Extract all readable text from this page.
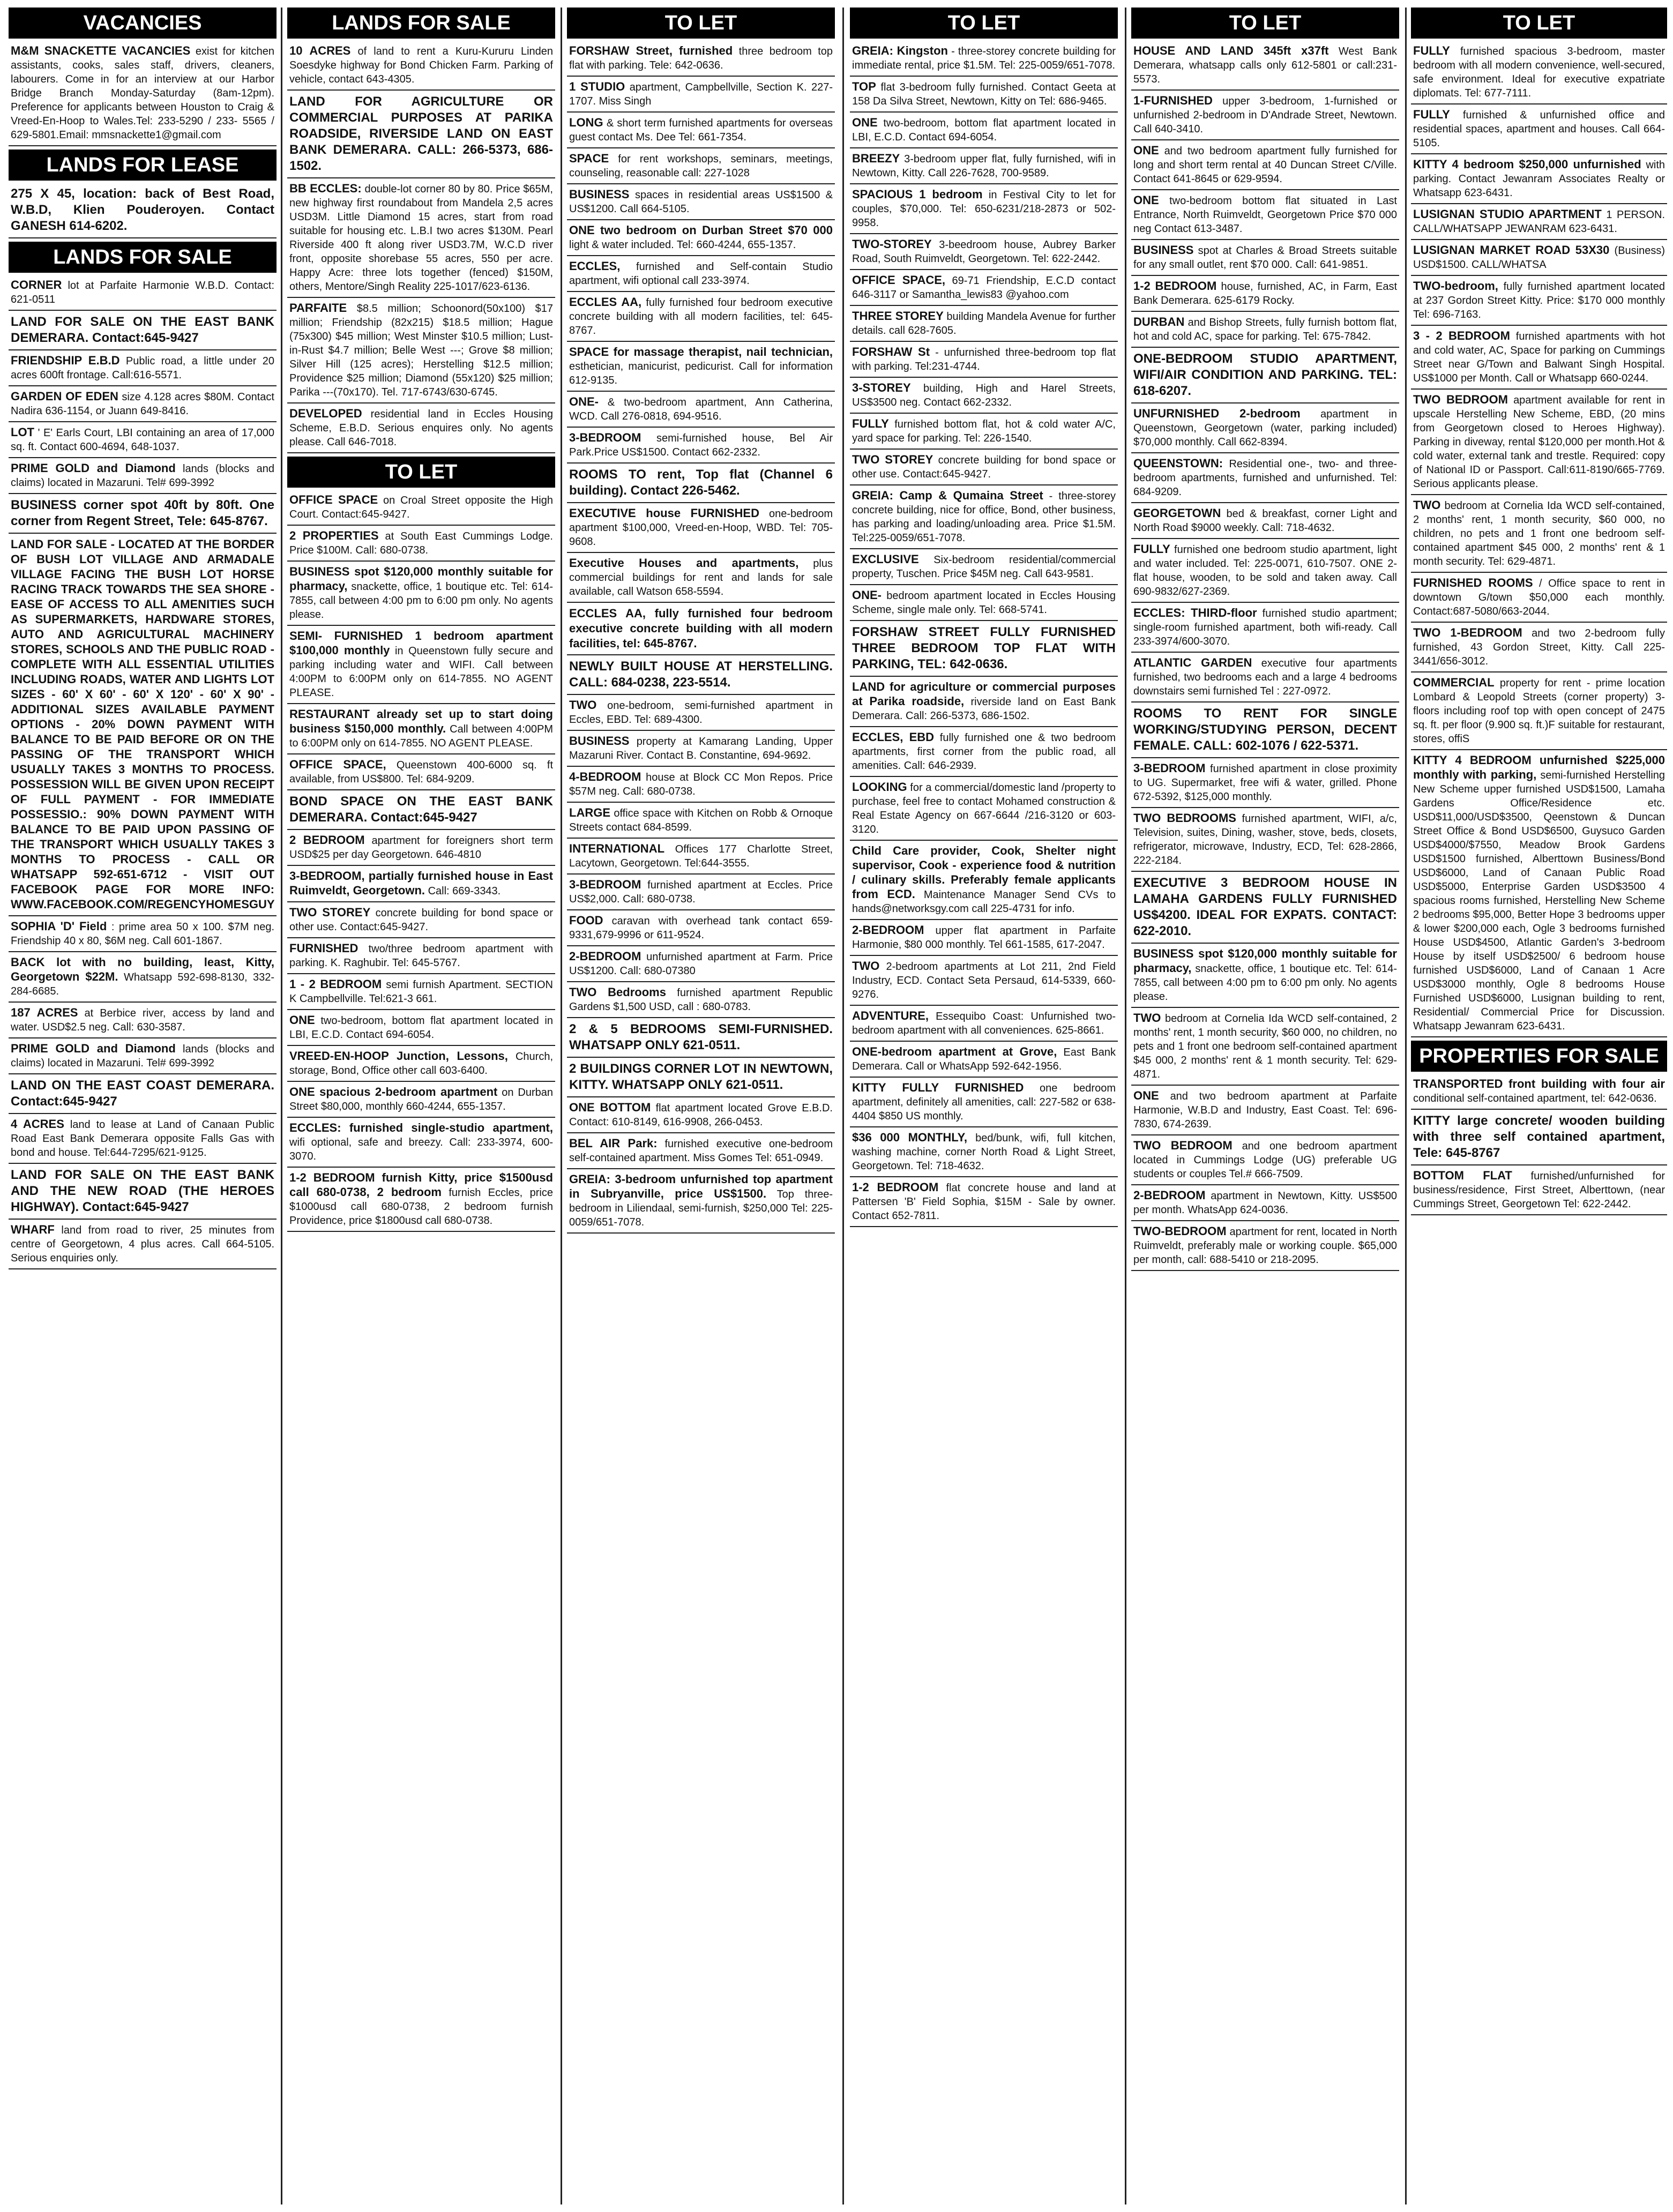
VACANCIES
M&M SNACKETTE VACANCIES exist for kitchen assistants, cooks, sales staff, drivers, cleaners, labourers. Come in for an interview at our Harbor Bridge Branch Monday-Saturday (8am-12pm). Preference for applicants between Houston to Craig & Vreed-En-Hoop to Wales.Tel: 233-5290 / 233- 5565 / 629-5801.Email: mmsnackette1@gmail.com
LANDS FOR LEASE
275 X 45, location: back of Best Road, W.B.D, Klien Pouderoyen. Contact GANESH 614-6202.
LANDS FOR SALE
CORNER lot at Parfaite Harmonie W.B.D. Contact: 621-0511
LAND FOR SALE ON THE EAST BANK DEMERARA. Contact:645-9427
FRIENDSHIP E.B.D Public road, a little under 20 acres 600ft frontage. Call:616-5571.
GARDEN OF EDEN size 4.128 acres $80M. Contact Nadira 636-1154, or Juann 649-8416.
LOT ' E' Earls Court, LBI containing an area of 17,000 sq. ft. Contact 600-4694, 648-1037.
PRIME GOLD and Diamond lands (blocks and claims) located in Mazaruni. Tel# 699-3992
BUSINESS corner spot 40ft by 80ft. One corner from Regent Street, Tele: 645-8767.
LAND FOR SALE - LOCATED AT THE BORDER OF BUSH LOT VILLAGE AND ARMADALE VILLAGE FACING THE BUSH LOT HORSE RACING TRACK TOWARDS THE SEA SHORE - EASE OF ACCESS TO ALL AMENITIES SUCH AS SUPERMARKETS, HARDWARE STORES, AUTO AND AGRICULTURAL MACHINERY STORES, SCHOOLS AND THE PUBLIC ROAD - COMPLETE WITH ALL ESSENTIAL UTILITIES INCLUDING ROADS, WATER AND LIGHTS LOT SIZES - 60' X 60' - 60' X 120' - 60' X 90' - ADDITIONAL SIZES AVAILABLE PAYMENT OPTIONS - 20% DOWN PAYMENT WITH BALANCE TO BE PAID BEFORE OR ON THE PASSING OF THE TRANSPORT WHICH USUALLY TAKES 3 MONTHS TO PROCESS. POSSESSION WILL BE GIVEN UPON RECEIPT OF FULL PAYMENT - FOR IMMEDIATE POSSESSIO.: 90% DOWN PAYMENT WITH BALANCE TO BE PAID UPON PASSING OF THE TRANSPORT WHICH USUALLY TAKES 3 MONTHS TO PROCESS - CALL OR WHATSAPP 592-651-6712 - VISIT OUT FACEBOOK PAGE FOR MORE INFO: WWW.FACEBOOK.COM/REGENCYHOMESGUY
SOPHIA 'D' Field : prime area 50 x 100. $7M neg. Friendship 40 x 80, $6M neg. Call 601-1867.
BACK lot with no building, least, Kitty, Georgetown $22M. Whatsapp 592-698-8130, 332-284-6685.
187 ACRES at Berbice river, access by land and water. USD$2.5 neg. Call: 630-3587.
PRIME GOLD and Diamond lands (blocks and claims) located in Mazaruni. Tel# 699-3992
LAND ON THE EAST COAST DEMERARA. Contact:645-9427
4 ACRES land to lease at Land of Canaan Public Road East Bank Demerara opposite Falls Gas with bond and house. Tel:644-7295/621-9125.
LAND FOR SALE ON THE EAST BANK AND THE NEW ROAD (THE HEROES HIGHWAY). Contact:645-9427
WHARF land from road to river, 25 minutes from centre of Georgetown, 4 plus acres. Call 664-5105. Serious enquiries only.
LANDS FOR SALE
10 ACRES of land to rent a Kuru-Kururu Linden Soesdyke highway for Bond Chicken Farm. Parking of vehicle, contact 643-4305.
LAND FOR AGRICULTURE OR COMMERCIAL PURPOSES AT PARIKA ROADSIDE, RIVERSIDE LAND ON EAST BANK DEMERARA. CALL: 266-5373, 686-1502.
BB ECCLES: double-lot corner 80 by 80. Price $65M, new highway first roundabout from Mandela 2,5 acres USD3M. Little Diamond 15 acres, start from road suitable for housing etc. L.B.I two acres $130M. Pearl Riverside 400 ft along river USD3.7M, W.C.D river front, opposite shorebase 55 acres, 550 per acre. Happy Acre: three lots together (fenced) $150M, others, Mentore/Singh Reality 225-1017/623-6136.
PARFAITE $8.5 million; Schoonord(50x100) $17 million; Friendship (82x215) $18.5 million; Hague (75x300) $45 million; West Minster $10.5 million; Lust-in-Rust $4.7 million; Belle West ---; Grove $8 million; Silver Hill (125 acres); Herstelling $12.5 million; Providence $25 million; Diamond (55x120) $25 million; Parika ---(70x170). Tel. 717-6743/630-6745.
DEVELOPED residential land in Eccles Housing Scheme, E.B.D. Serious enquires only. No agents please. Call 646-7018.
TO LET
OFFICE SPACE on Croal Street opposite the High Court. Contact:645-9427.
2 PROPERTIES at South East Cummings Lodge. Price $100M. Call: 680-0738.
BUSINESS spot $120,000 monthly suitable for pharmacy, snackette, office, 1 boutique etc. Tel: 614-7855, call between 4:00 pm to 6:00 pm only. No agents please.
SEMI- FURNISHED 1 bedroom apartment $100,000 monthly in Queenstown fully secure and parking including water and WIFI. Call between 4:00PM to 6:00PM only on 614-7855. NO AGENT PLEASE.
RESTAURANT already set up to start doing business $150,000 monthly. Call between 4:00PM to 6:00PM only on 614-7855. NO AGENT PLEASE.
OFFICE SPACE, Queenstown 400-6000 sq. ft available, from US$800. Tel: 684-9209.
BOND SPACE ON THE EAST BANK DEMERARA. Contact:645-9427
2 BEDROOM apartment for foreigners short term USD$25 per day Georgetown. 646-4810
3-BEDROOM, partially furnished house in East Ruimveldt, Georgetown. Call: 669-3343.
TWO STOREY concrete building for bond space or other use. Contact:645-9427.
FURNISHED two/three bedroom apartment with parking. K. Raghubir. Tel: 645-5767.
1 - 2 BEDROOM semi furnish Apartment. SECTION K Campbellville. Tel:621-3 661.
ONE two-bedroom, bottom flat apartment located in LBI, E.C.D. Contact 694-6054.
VREED-EN-HOOP Junction, Lessons, Church, storage, Bond, Office other call 603-6400.
ONE spacious 2-bedroom apartment on Durban Street $80,000, monthly 660-4244, 655-1357.
ECCLES: furnished single-studio apartment, wifi optional, safe and breezy. Call: 233-3974, 600-3070.
1-2 BEDROOM furnish Kitty, price $1500usd call 680-0738, 2 bedroom furnish Eccles, price $1000usd call 680-0738, 2 bedroom furnish Providence, price $1800usd call 680-0738.
TO LET
FORSHAW Street, furnished three bedroom top flat with parking. Tele: 642-0636.
1 STUDIO apartment, Campbellville, Section K. 227-1707. Miss Singh
LONG & short term furnished apartments for overseas guest contact Ms. Dee Tel: 661-7354.
SPACE for rent workshops, seminars, meetings, counseling, reasonable call: 227-1028
BUSINESS spaces in residential areas US$1500 & US$1200. Call 664-5105.
ONE two bedroom on Durban Street $70 000 light & water included. Tel: 660-4244, 655-1357.
ECCLES, furnished and Self-contain Studio apartment, wifi optional call 233-3974.
ECCLES AA, fully furnished four bedroom executive concrete building with all modern facilities, tel: 645-8767.
SPACE for massage therapist, nail technician, esthetician, manicurist, pedicurist. Call for information 612-9135.
ONE- & two-bedroom apartment, Ann Catherina, WCD. Call 276-0818, 694-9516.
3-BEDROOM semi-furnished house, Bel Air Park.Price US$1500. Contact 662-2332.
ROOMS TO rent, Top flat (Channel 6 building). Contact 226-5462.
EXECUTIVE house FURNISHED one-bedroom apartment $100,000, Vreed-en-Hoop, WBD. Tel: 705-9608.
Executive Houses and apartments, plus commercial buildings for rent and lands for sale available, call Watson 658-5594.
ECCLES AA, fully furnished four bedroom executive concrete building with all modern facilities, tel: 645-8767.
NEWLY BUILT HOUSE AT HERSTELLING. CALL: 684-0238, 223-5514.
TWO one-bedroom, semi-furnished apartment in Eccles, EBD. Tel: 689-4300.
BUSINESS property at Kamarang Landing, Upper Mazaruni River. Contact B. Constantine, 694-9692.
4-BEDROOM house at Block CC Mon Repos. Price $57M neg. Call: 680-0738.
LARGE office space with Kitchen on Robb & Ornoque Streets contact 684-8599.
INTERNATIONAL Offices 177 Charlotte Street, Lacytown, Georgetown. Tel:644-3555.
3-BEDROOM furnished apartment at Eccles. Price US$2,000. Call: 680-0738.
FOOD caravan with overhead tank contact 659-9331,679-9996 or 611-9524.
2-BEDROOM unfurnished apartment at Farm. Price US$1200. Call: 680-07380
TWO Bedrooms furnished apartment Republic Gardens $1,500 USD, call : 680-0783.
2 & 5 BEDROOMS SEMI-FURNISHED. WHATSAPP ONLY 621-0511.
2 BUILDINGS CORNER LOT IN NEWTOWN, KITTY. WHATSAPP ONLY 621-0511.
ONE BOTTOM flat apartment located Grove E.B.D. Contact: 610-8149, 616-9908, 266-0453.
BEL AIR Park: furnished executive one-bedroom self-contained apartment. Miss Gomes Tel: 651-0949.
GREIA: 3-bedroom unfurnished top apartment in Subryanville, price US$1500. Top three-bedroom in Liliendaal, semi-furnish, $250,000 Tel: 225-0059/651-7078.
TO LET
GREIA: Kingston - three-storey concrete building for immediate rental, price $1.5M. Tel: 225-0059/651-7078.
TOP flat 3-bedroom fully furnished. Contact Geeta at 158 Da Silva Street, Newtown, Kitty on Tel: 686-9465.
ONE two-bedroom, bottom flat apartment located in LBI, E.C.D. Contact 694-6054.
BREEZY 3-bedroom upper flat, fully furnished, wifi in Newtown, Kitty. Call 226-7628, 700-9589.
SPACIOUS 1 bedroom in Festival City to let for couples, $70,000. Tel: 650-6231/218-2873 or 502-9958.
TWO-STOREY 3-beedroom house, Aubrey Barker Road, South Ruimveldt, Georgetown. Tel: 622-2442.
OFFICE SPACE, 69-71 Friendship, E.C.D contact 646-3117 or Samantha_lewis83 @yahoo.com
THREE STOREY building Mandela Avenue for further details. call 628-7605.
FORSHAW St - unfurnished three-bedroom top flat with parking. Tel:231-4744.
3-STOREY building, High and Harel Streets, US$3500 neg. Contact 662-2332.
FULLY furnished bottom flat, hot & cold water A/C, yard space for parking. Tel: 226-1540.
TWO STOREY concrete building for bond space or other use. Contact:645-9427.
GREIA: Camp & Qumaina Street - three-storey concrete building, nice for office, Bond, other business, has parking and loading/unloading area. Price $1.5M. Tel:225-0059/651-7078.
EXCLUSIVE Six-bedroom residential/commercial property, Tuschen. Price $45M neg. Call 643-9581.
ONE- bedroom apartment located in Eccles Housing Scheme, single male only. Tel: 668-5741.
FORSHAW STREET FULLY FURNISHED THREE BEDROOM TOP FLAT WITH PARKING, TEL: 642-0636.
LAND for agriculture or commercial purposes at Parika roadside, riverside land on East Bank Demerara. Call: 266-5373, 686-1502.
ECCLES, EBD fully furnished one & two bedroom apartments, first corner from the public road, all amenities. Call: 646-2939.
LOOKING for a commercial/domestic land /property to purchase, feel free to contact Mohamed construction & Real Estate Agency on 667-6644 /216-3120 or 603-3120.
Child Care provider, Cook, Shelter night supervisor, Cook - experience food & nutrition / culinary skills. Preferably female applicants from ECD. Maintenance Manager Send CVs to hands@networksgy.com call 225-4731 for info.
2-BEDROOM upper flat apartment in Parfaite Harmonie, $80 000 monthly. Tel 661-1585, 617-2047.
TWO 2-bedroom apartments at Lot 211, 2nd Field Industry, ECD. Contact Seta Persaud, 614-5339, 660-9276.
ADVENTURE, Essequibo Coast: Unfurnished two-bedroom apartment with all conveniences. 625-8661.
ONE-bedroom apartment at Grove, East Bank Demerara. Call or WhatsApp 592-642-1956.
KITTY FULLY FURNISHED one bedroom apartment, definitely all amenities, call: 227-582 or 638-4404 $850 US monthly.
$36 000 MONTHLY, bed/bunk, wifi, full kitchen, washing machine, corner North Road & Light Street, Georgetown. Tel: 718-4632.
1-2 BEDROOM flat concrete house and land at Pattersen 'B' Field Sophia, $15M - Sale by owner. Contact 652-7811.
TO LET
HOUSE AND LAND 345ft x37ft West Bank Demerara, whatsapp calls only 612-5801 or call:231-5573.
1-FURNISHED upper 3-bedroom, 1-furnished or unfurnished 2-bedroom in D'Andrade Street, Newtown. Call 640-3410.
ONE and two bedroom apartment fully furnished for long and short term rental at 40 Duncan Street C/Ville. Contact 641-8645 or 629-9594.
ONE two-bedroom bottom flat situated in Last Entrance, North Ruimveldt, Georgetown Price $70 000 neg Contact 613-3487.
BUSINESS spot at Charles & Broad Streets suitable for any small outlet, rent $70 000. Call: 641-9851.
1-2 BEDROOM house, furnished, AC, in Farm, East Bank Demerara. 625-6179 Rocky.
DURBAN and Bishop Streets, fully furnish bottom flat, hot and cold AC, space for parking. Tel: 675-7842.
ONE-BEDROOM STUDIO APARTMENT, WIFI/AIR CONDITION AND PARKING. TEL: 618-6207.
UNFURNISHED 2-bedroom apartment in Queenstown, Georgetown (water, parking included) $70,000 monthly. Call 662-8394.
QUEENSTOWN: Residential one-, two- and three-bedroom apartments, furnished and unfurnished. Tel: 684-9209.
GEORGETOWN bed & breakfast, corner Light and North Road $9000 weekly. Call: 718-4632.
FULLY furnished one bedroom studio apartment, light and water included. Tel: 225-0071, 610-7507. ONE 2-flat house, wooden, to be sold and taken away. Call 690-9832/627-2369.
ECCLES: THIRD-floor furnished studio apartment; single-room furnished apartment, both wifi-ready. Call 233-3974/600-3070.
ATLANTIC GARDEN executive four apartments furnished, two bedrooms each and a large 4 bedrooms downstairs semi furnished Tel : 227-0972.
ROOMS TO RENT FOR SINGLE WORKING/STUDYING PERSON, DECENT FEMALE. CALL: 602-1076 / 622-5371.
3-BEDROOM furnished apartment in close proximity to UG. Supermarket, free wifi & water, grilled. Phone 672-5392, $125,000 monthly.
TWO BEDROOMS furnished apartment, WIFI, a/c, Television, suites, Dining, washer, stove, beds, closets, refrigerator, microwave, Industry, ECD, Tel: 628-2866, 222-2184.
EXECUTIVE 3 BEDROOM HOUSE IN LAMAHA GARDENS FULLY FURNISHED US$4200. IDEAL FOR EXPATS. CONTACT: 622-2010.
BUSINESS spot $120,000 monthly suitable for pharmacy, snackette, office, 1 boutique etc. Tel: 614-7855, call between 4:00 pm to 6:00 pm only. No agents please.
TWO bedroom at Cornelia Ida WCD self-contained, 2 months' rent, 1 month security, $60 000, no children, no pets and 1 front one bedroom self-contained apartment $45 000, 2 months' rent & 1 month security. Tel: 629-4871.
ONE and two bedroom apartment at Parfaite Harmonie, W.B.D and Industry, East Coast. Tel: 696-7830, 674-2639.
TWO BEDROOM and one bedroom apartment located in Cummings Lodge (UG) preferable UG students or couples Tel.# 666-7509.
2-BEDROOM apartment in Newtown, Kitty. US$500 per month. WhatsApp 624-0036.
TWO-BEDROOM apartment for rent, located in North Ruimveldt, preferably male or working couple. $65,000 per month, call: 688-5410 or 218-2095.
TO LET
FULLY furnished spacious 3-bedroom, master bedroom with all modern convenience, well-secured, safe environment. Ideal for executive expatriate diplomats. Tel: 677-7111.
FULLY furnished & unfurnished office and residential spaces, apartment and houses. Call 664-5105.
KITTY 4 bedroom $250,000 unfurnished with parking. Contact Jewanram Associates Realty or Whatsapp 623-6431.
LUSIGNAN STUDIO APARTMENT 1 PERSON. CALL/WHATSAPP JEWANRAM 623-6431.
LUSIGNAN MARKET ROAD 53X30 (Business) USD$1500. CALL/WHATSA
TWO-bedroom, fully furnished apartment located at 237 Gordon Street Kitty. Price: $170 000 monthly Tel: 696-7163.
3 - 2 BEDROOM furnished apartments with hot and cold water, AC, Space for parking on Cummings Street near G/Town and Balwant Singh Hospital. US$1000 per Month. Call or Whatsapp 660-0244.
TWO BEDROOM apartment available for rent in upscale Herstelling New Scheme, EBD, (20 mins from Georgetown closed to Heroes Highway). Parking in diveway, rental $120,000 per month.Hot & cold water, external tank and trestle. Required: copy of National ID or Passport. Call:611-8190/665-7769. Serious applicants please.
TWO bedroom at Cornelia Ida WCD self-contained, 2 months' rent, 1 month security, $60 000, no children, no pets and 1 front one bedroom self-contained apartment $45 000, 2 months' rent & 1 month security. Tel: 629-4871.
FURNISHED ROOMS / Office space to rent in downtown G/town $50,000 each monthly. Contact:687-5080/663-2044.
TWO 1-BEDROOM and two 2-bedroom fully furnished, 43 Gordon Street, Kitty. Call 225- 3441/656-3012.
COMMERCIAL property for rent - prime location Lombard & Leopold Streets (corner property) 3-floors including roof top with open concept of 2475 sq. ft. per floor (9.900 sq. ft.)F suitable for restaurant, stores, offiS
KITTY 4 BEDROOM unfurnished $225,000 monthly with parking, semi-furnished Herstelling New Scheme upper furnished USD$1500, Lamaha Gardens Office/Residence etc. USD$11,000/USD$3500, Qeenstown & Duncan Street Office & Bond USD$6500, Guysuco Garden USD$4000/$7550, Meadow Brook Gardens USD$1500 furnished, Alberttown Business/Bond USD$6000, Land of Canaan Public Road USD$5000, Enterprise Garden USD$3500 4 spacious rooms furnished, Herstelling New Scheme 2 bedrooms $95,000, Better Hope 3 bedrooms upper & lower $200,000 each, Ogle 3 bedrooms furnished House USD$4500, Atlantic Garden's 3-bedroom House by itself USD$2500/ 6 bedroom house furnished USD$6000, Land of Canaan 1 Acre USD$3000 monthly, Ogle 8 bedrooms House Furnished USD$6000, Lusignan building to rent, Residential/ Commercial Price for Discussion. Whatsapp Jewanram 623-6431.
PROPERTIES FOR SALE
TRANSPORTED front building with four air conditional self-contained apartment, tel: 642-0636.
KITTY large concrete/ wooden building with three self contained apartment, Tele: 645-8767
BOTTOM FLAT furnished/unfurnished for business/residence, First Street, Alberttown, (near Cummings Street, Georgetown Tel: 622-2442.
